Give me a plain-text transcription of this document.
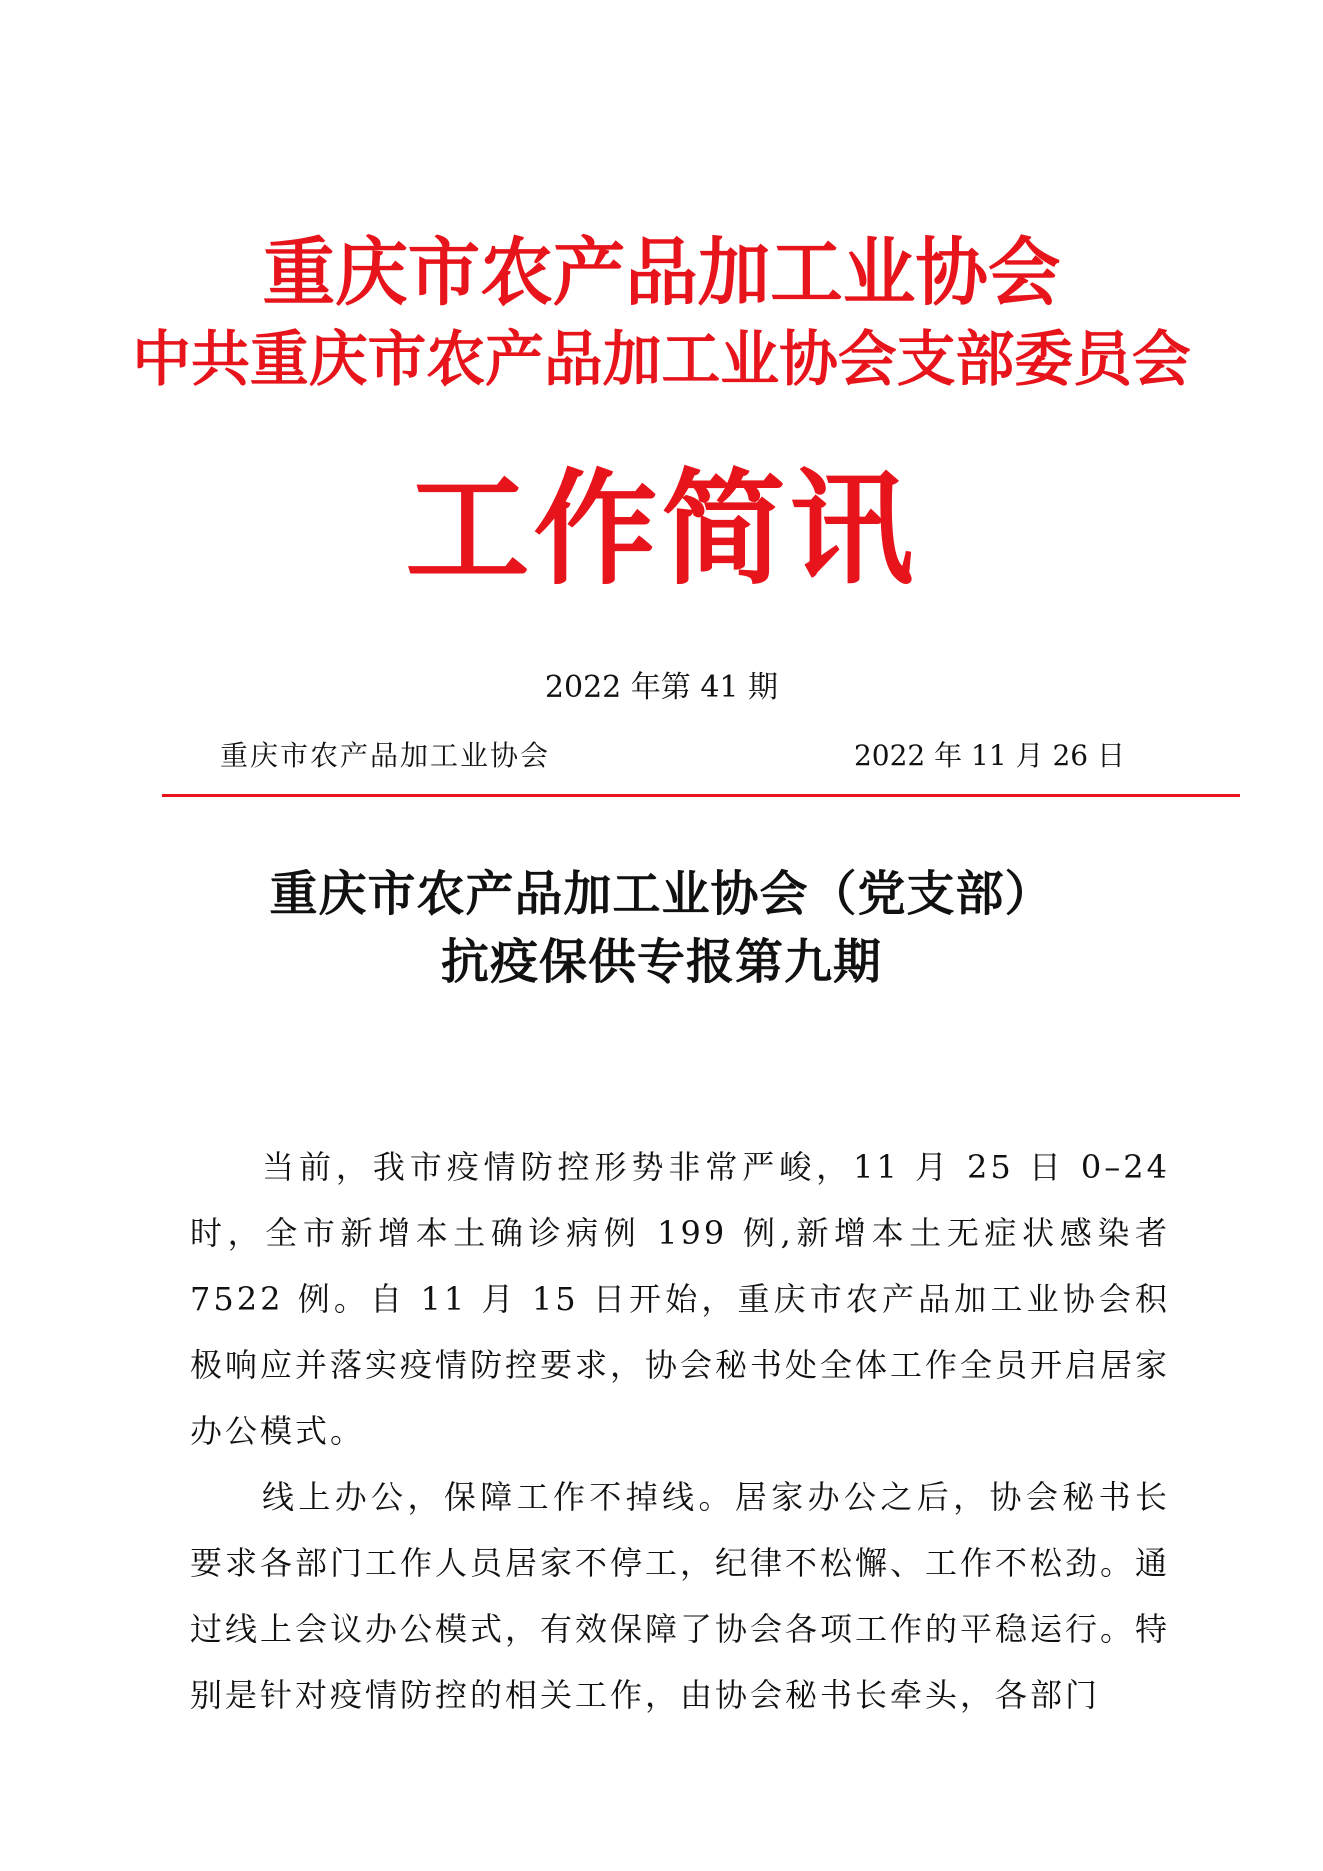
重庆市农产品加工业协会
中共重庆市农产品加工业协会支部委员会
工作简讯
2022 年第 41 期
重庆市农产品加工业协会	2022 年 11 月 26 日
重庆市农产品加工业协会（党支部）
抗疫保供专报第九期

当前，我市疫情防控形势非常严峻，11 月 25 日 0–24 时，全市新增本土确诊病例 199 例,新增本土无症状感染者 7522 例。自 11 月 15 日开始，重庆市农产品加工业协会积极响应并落实疫情防控要求，协会秘书处全体工作全员开启居家办公模式。

线上办公，保障工作不掉线。居家办公之后，协会秘书长要求各部门工作人员居家不停工，纪律不松懈、工作不松劲。通过线上会议办公模式，有效保障了协会各项工作的平稳运行。特别是针对疫情防控的相关工作，由协会秘书长牵头，各部门
